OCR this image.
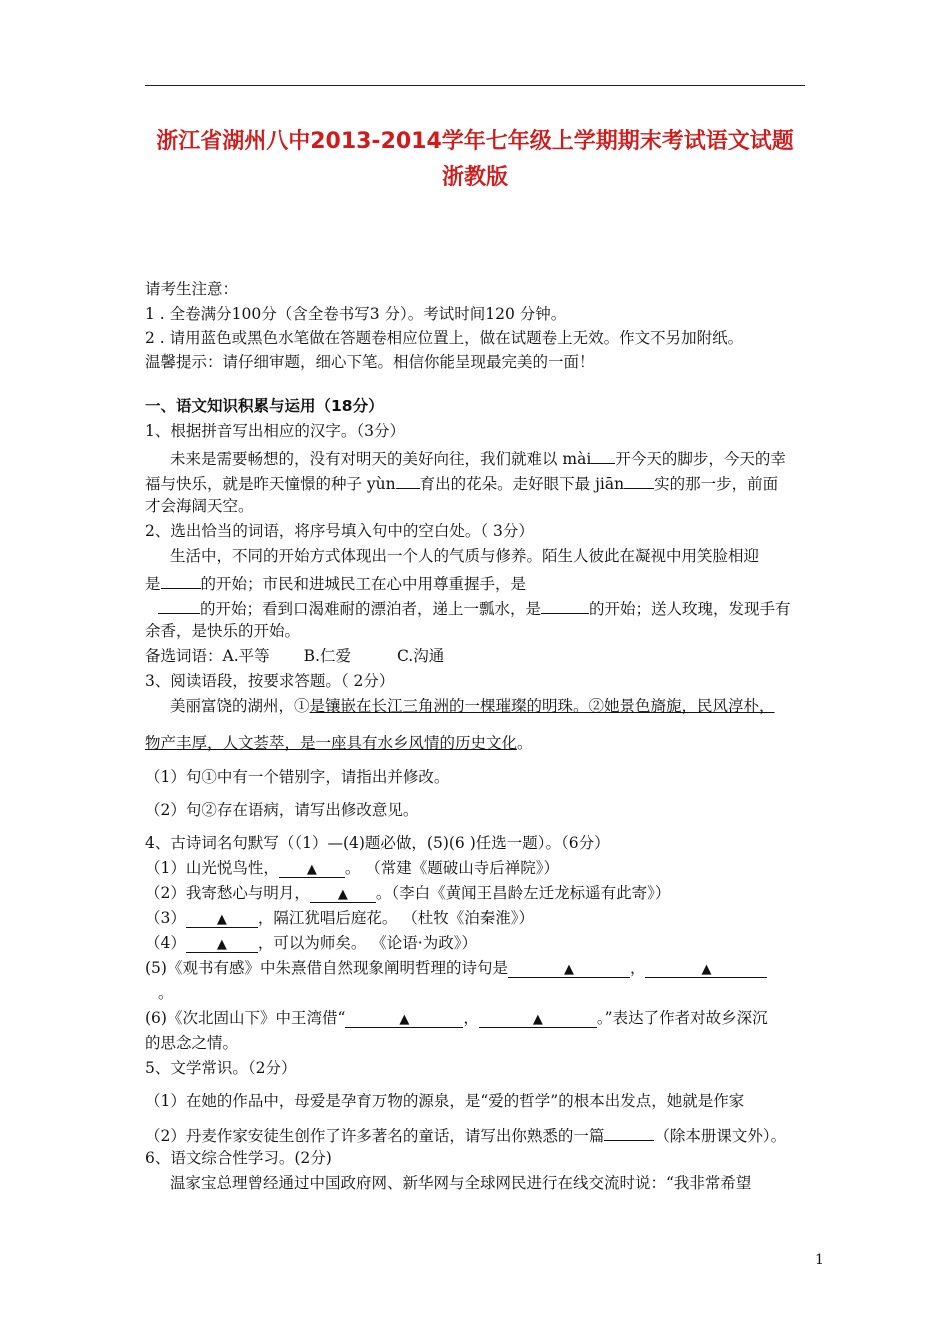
浙江省湖州八中2013-2014学年七年级上学期期末考试语文试题
浙教版
请考生注意：
1 . 全卷满分100分（含全卷书写3 分）。考试时间120 分钟。
2 . 请用蓝色或黑色水笔做在答题卷相应位置上，做在试题卷上无效。作文不另加附纸。
温馨提示：请仔细审题，细心下笔。相信你能呈现最完美的一面！
一、语文知识积累与运用（18分）
1、根据拼音写出相应的汉字。（3分）
未来是需要畅想的，没有对明天的美好向往，我们就难以 mài 开今天的脚步，今天的幸
福与快乐，就是昨天憧憬的种子 yùn 育出的花朵。走好眼下最 jiān 实的那一步，前面
才会海阔天空。
2、选出恰当的词语，将序号填入句中的空白处。（ 3分）
生活中，不同的开始方式体现出一个人的气质与修养。陌生人彼此在凝视中用笑脸相迎
是	的开始；市民和进城民工在心中用尊重握手，是
的开始；看到口渴难耐的漂泊者，递上一瓢水，是	的开始；送人玫瑰，发现手有
余香，是快乐的开始。
备选词语：A.平等 B.仁爱	C.沟通
3、阅读语段，按要求答题。（ 2分）
美丽富饶的湖州，①是镶嵌在长江三角洲的一棵璀璨的明珠。②她景色旖旎，民风淳朴，
物产丰厚，人文荟萃，是一座具有水乡风情的历史文化。
（1）句①中有一个错别字，请指出并修改。
（2）句②存在语病，请写出修改意见。
4、古诗词名句默写（（1）—(4)题必做，(5)(6 )任选一题）。（6分）
（1）山光悦鸟性， ▲ 。 （常建《题破山寺后禅院》）
（2）我寄愁心与明月， ▲ 。（李白《黄闻王昌龄左迁龙标遥有此寄》）
（3） ▲ ，隔江犹唱后庭花。 （杜牧《泊秦淮》）
（4） ▲ ，可以为师矣。 《论语·为政》）
(5)《观书有感》中朱熹借自然现象阐明哲理的诗句是	▲	，	▲
。
(6)《次北固山下》中王湾借“	▲	，	▲	。”表达了作者对故乡深沉
的思念之情。
5、文学常识。（2分）
（1）在她的作品中，母爱是孕育万物的源泉，是“爱的哲学”的根本出发点，她就是作家
（2）丹麦作家安徒生创作了许多著名的童话，请写出你熟悉的一篇	（除本册课文外）。
6、语文综合性学习。(2分)
温家宝总理曾经通过中国政府网、新华网与全球网民进行在线交流时说：“我非常希望
1
